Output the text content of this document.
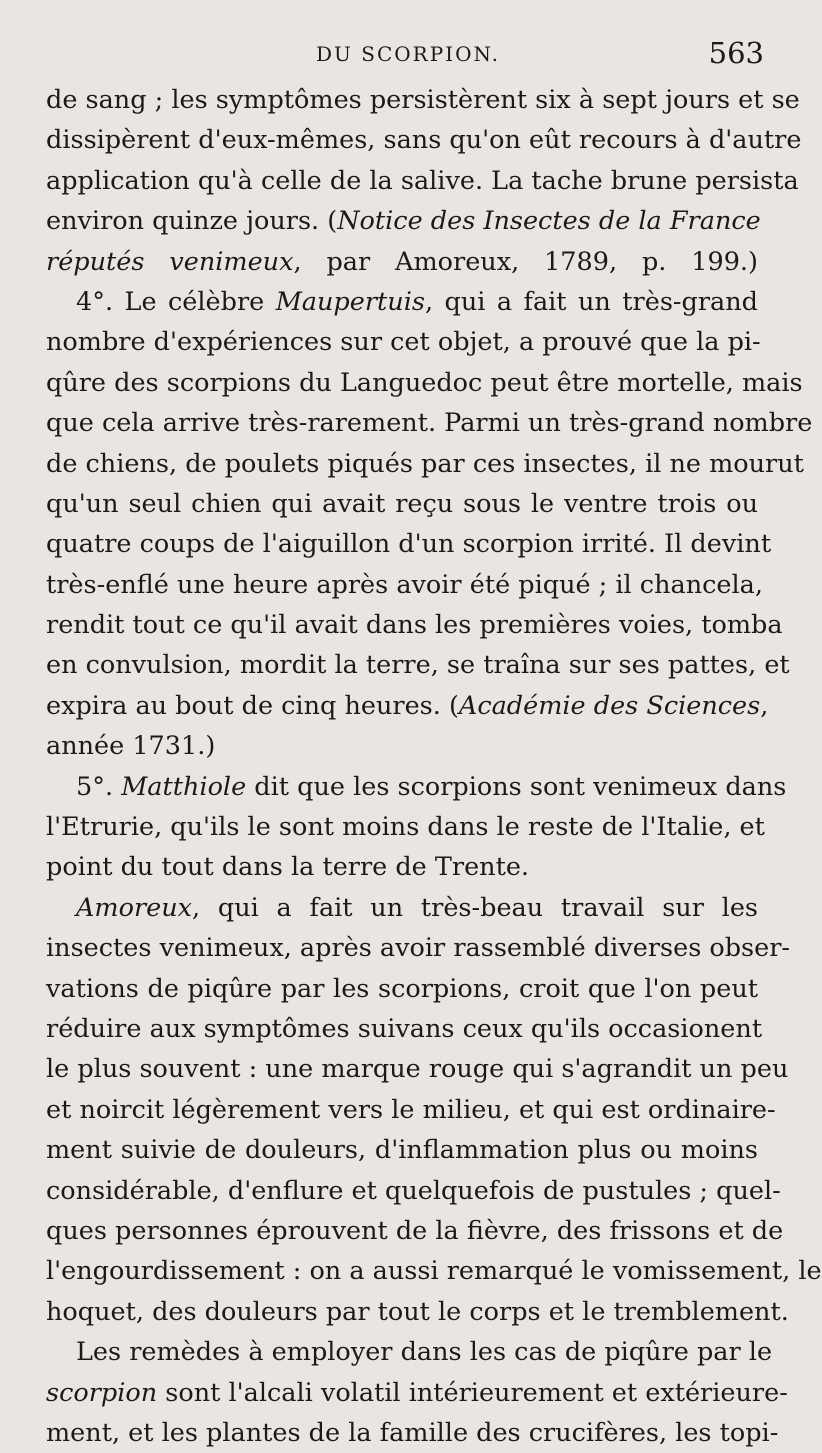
DU SCORPION.	563
de sang ; les symptômes persistèrent six à sept jours et se
dissipèrent d'eux-mêmes, sans qu'on eût recours à d'autre
application qu'à celle de la salive. La tache brune persista
environ quinze jours. (Notice des Insectes de la France
réputés venimeux, par Amoreux, 1789, p. 199.)
4°. Le célèbre Maupertuis, qui a fait un très-grand
nombre d'expériences sur cet objet, a prouvé que la pi-
qûre des scorpions du Languedoc peut être mortelle, mais
que cela arrive très-rarement. Parmi un très-grand nombre
de chiens, de poulets piqués par ces insectes, il ne mourut
qu'un seul chien qui avait reçu sous le ventre trois ou
quatre coups de l'aiguillon d'un scorpion irrité. Il devint
très-enflé une heure après avoir été piqué ; il chancela,
rendit tout ce qu'il avait dans les premières voies, tomba
en convulsion, mordit la terre, se traîna sur ses pattes, et
expira au bout de cinq heures. (Académie des Sciences,
année 1731.)
5°. Matthiole dit que les scorpions sont venimeux dans
l'Etrurie, qu'ils le sont moins dans le reste de l'Italie, et
point du tout dans la terre de Trente.
Amoreux, qui a fait un très-beau travail sur les
insectes venimeux, après avoir rassemblé diverses obser-
vations de piqûre par les scorpions, croit que l'on peut
réduire aux symptômes suivans ceux qu'ils occasionent
le plus souvent : une marque rouge qui s'agrandit un peu
et noircit légèrement vers le milieu, et qui est ordinaire-
ment suivie de douleurs, d'inflammation plus ou moins
considérable, d'enflure et quelquefois de pustules ; quel-
ques personnes éprouvent de la fièvre, des frissons et de
l'engourdissement : on a aussi remarqué le vomissement, le
hoquet, des douleurs par tout le corps et le tremblement.
Les remèdes à employer dans les cas de piqûre par le
scorpion sont l'alcali volatil intérieurement et extérieure-
ment, et les plantes de la famille des crucifères, les topi-
